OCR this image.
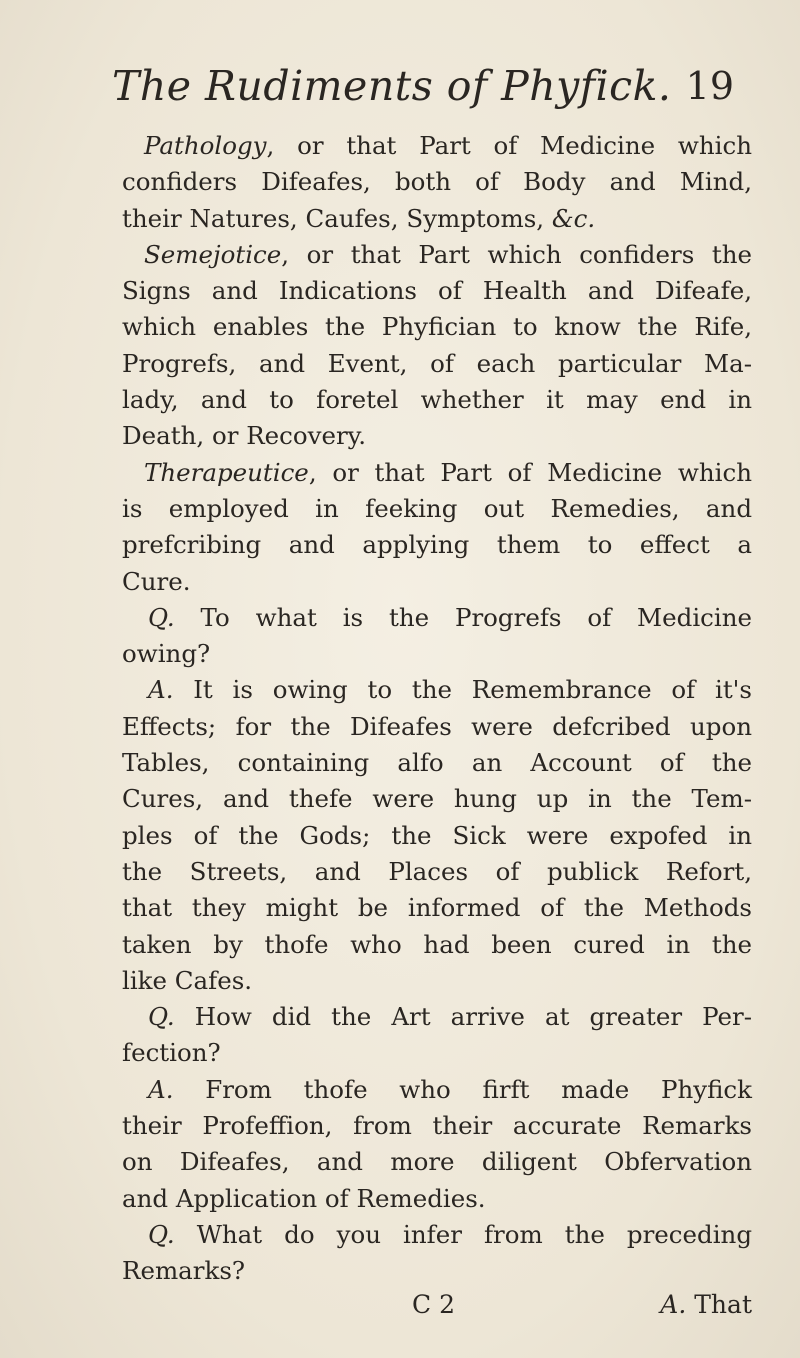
The Rudiments of Phyfick. 19
Pathology, or that Part of Medicine which
confiders Difeafes, both of Body and Mind,
their Natures, Caufes, Symptoms, &c.
Semejotice, or that Part which confiders the
Signs and Indications of Health and Difeafe,
which enables the Phyfician to know the Rife,
Progrefs, and Event, of each particular Ma-
lady, and to foretel whether it may end in
Death, or Recovery.
Therapeutice, or that Part of Medicine which
is employed in feeking out Remedies, and
prefcribing and applying them to effect a
Cure.
Q. To what is the Progrefs of Medicine
owing?
A. It is owing to the Remembrance of it's
Effects; for the Difeafes were defcribed upon
Tables, containing alfo an Account of the
Cures, and thefe were hung up in the Tem-
ples of the Gods; the Sick were expofed in
the Streets, and Places of publick Refort,
that they might be informed of the Methods
taken by thofe who had been cured in the
like Cafes.
Q. How did the Art arrive at greater Per-
fection?
A. From thofe who firft made Phyfick
their Profeffion, from their accurate Remarks
on Difeafes, and more diligent Obfervation
and Application of Remedies.
Q. What do you infer from the preceding
Remarks?
C 2	A. That
